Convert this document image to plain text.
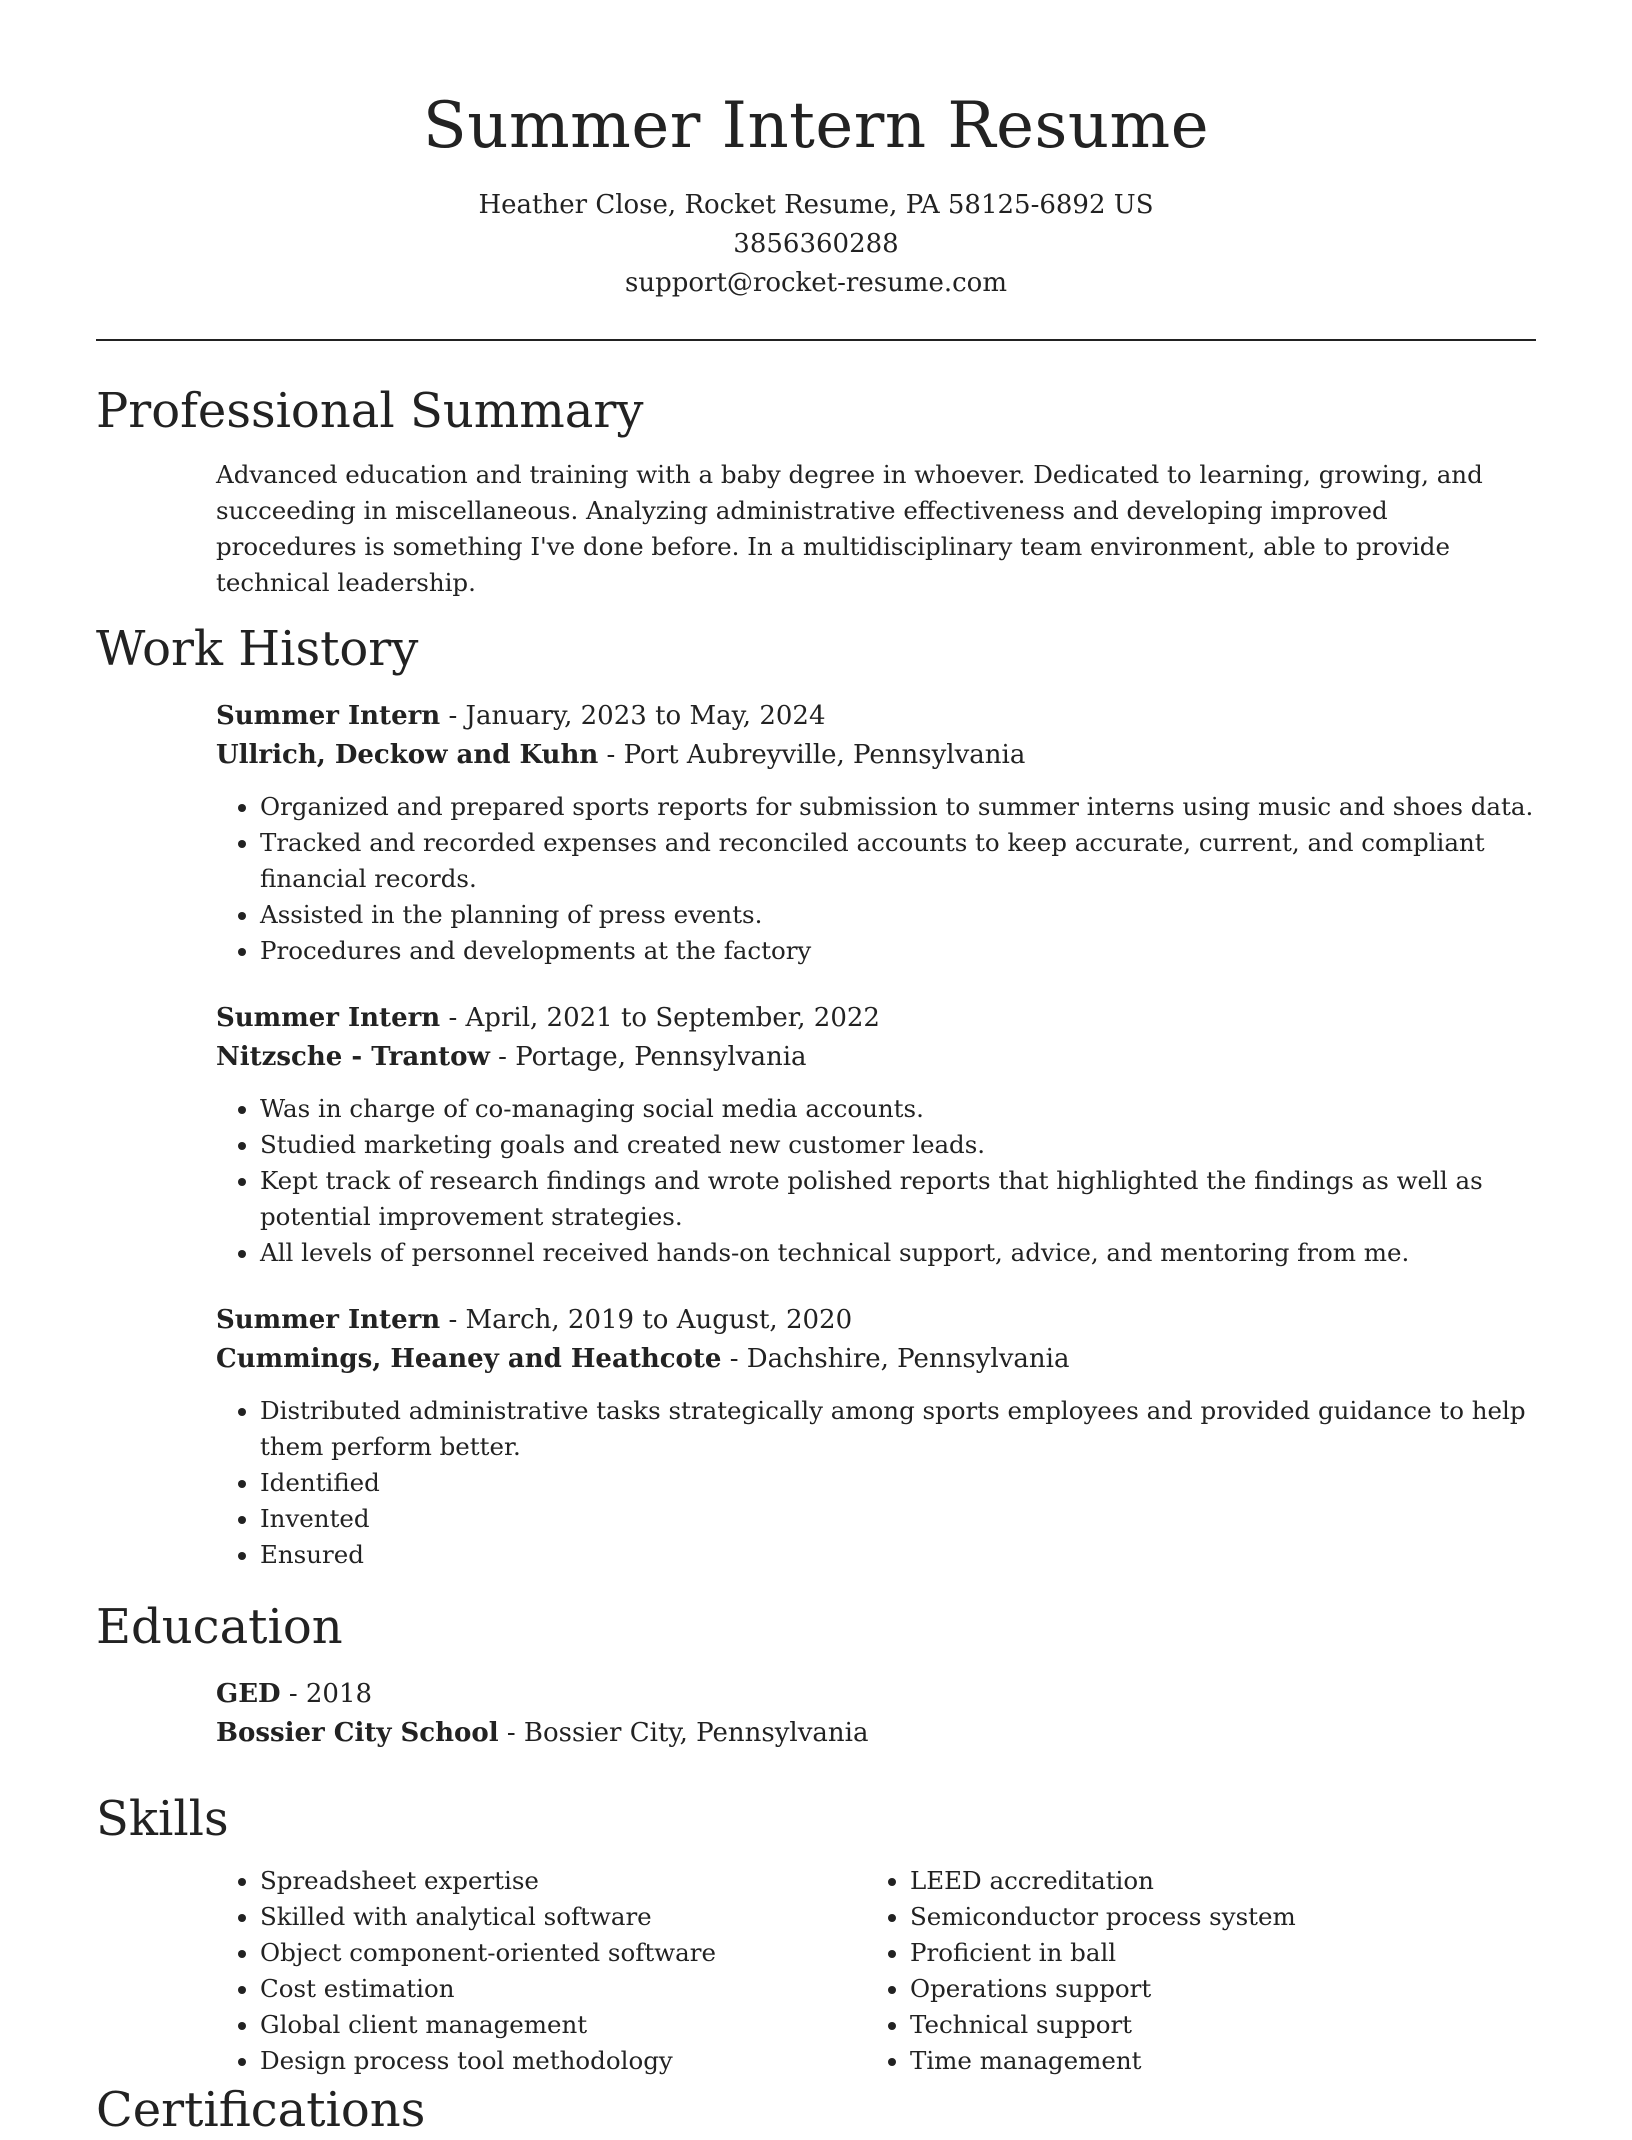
Summer Intern Resume
Heather Close, Rocket Resume, PA 58125-6892 US
3856360288
support@rocket-resume.com
Professional Summary

Advanced education and training with a baby degree in whoever. Dedicated to learning, growing, and succeeding in miscellaneous. Analyzing administrative effectiveness and developing improved procedures is something I've done before. In a multidisciplinary team environment, able to provide technical leadership.

Work History
Summer Intern - January, 2023 to May, 2024
Ullrich, Deckow and Kuhn - Port Aubreyville, Pennsylvania
• Organized and prepared sports reports for submission to summer interns using music and shoes data.
• Tracked and recorded expenses and reconciled accounts to keep accurate, current, and compliant financial records.
• Assisted in the planning of press events.
• Procedures and developments at the factory
Summer Intern - April, 2021 to September, 2022
Nitzsche - Trantow - Portage, Pennsylvania
• Was in charge of co-managing social media accounts.
• Studied marketing goals and created new customer leads.
• Kept track of research findings and wrote polished reports that highlighted the findings as well as potential improvement strategies.
• All levels of personnel received hands-on technical support, advice, and mentoring from me.
Summer Intern - March, 2019 to August, 2020
Cummings, Heaney and Heathcote - Dachshire, Pennsylvania
• Distributed administrative tasks strategically among sports employees and provided guidance to help them perform better.
• Identified
• Invented
• Ensured
Education
GED - 2018
Bossier City School - Bossier City, Pennsylvania
Skills
• Spreadsheet expertise
• Skilled with analytical software
• Object component-oriented software
• Cost estimation
• Global client management
• Design process tool methodology
• LEED accreditation
• Semiconductor process system
• Proficient in ball
• Operations support
• Technical support
• Time management
Certifications
